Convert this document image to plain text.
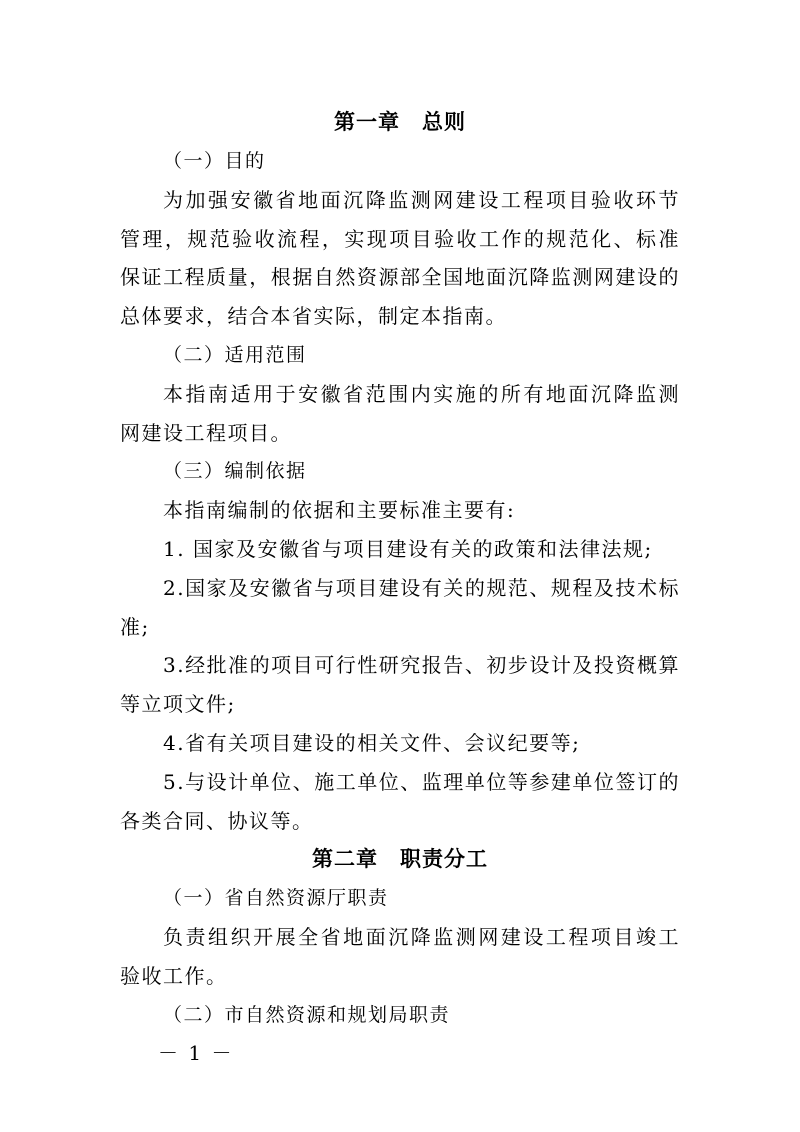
第一章　总则
（一）目的
为加强安徽省地面沉降监测网建设工程项目验收环节
管理，规范验收流程，实现项目验收工作的规范化、标准
保证工程质量，根据自然资源部全国地面沉降监测网建设的
总体要求，结合本省实际，制定本指南。
（二）适用范围
本指南适用于安徽省范围内实施的所有地面沉降监测
网建设工程项目。
（三）编制依据
本指南编制的依据和主要标准主要有:
1. 国家及安徽省与项目建设有关的政策和法律法规;
2.国家及安徽省与项目建设有关的规范、规程及技术标
准;
3.经批准的项目可行性研究报告、初步设计及投资概算
等立项文件;
4.省有关项目建设的相关文件、会议纪要等;
5.与设计单位、施工单位、监理单位等参建单位签订的
各类合同、协议等。
第二章　职责分工
（一）省自然资源厅职责
负责组织开展全省地面沉降监测网建设工程项目竣工
验收工作。
（二）市自然资源和规划局职责
－ 1 －
